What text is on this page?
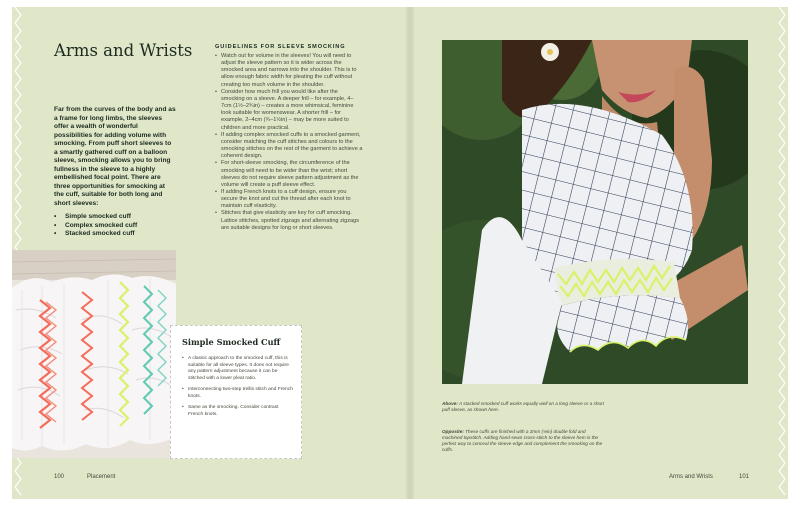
Arms and Wrists

Far from the curves of the body and as a frame for long limbs, the sleeves offer a wealth of wonderful possibilities for adding volume with smocking. From puff short sleeves to a smartly gathered cuff on a balloon sleeve, smocking allows you to bring fullness in the sleeve to a highly embellished focal point. There are three opportunities for smocking at the cuff, suitable for both long and short sleeves:

• Simple smocked cuff
• Complex smocked cuff
• Stacked smocked cuff
GUIDELINES FOR SLEEVE SMOCKING
• Watch out for volume in the sleeves! You will need to adjust the sleeve pattern so it is wider across the smocked area and narrows into the shoulder. This is to allow enough fabric width for pleating the cuff without creating too much volume in the shoulder.
• Consider how much frill you would like after the smocking on a sleeve. A deeper frill – for example, 4–7cm (1½–2¾in) – creates a more whimsical, feminine look suitable for womenswear. A shorter frill – for example, 2–4cm (¾–1½in) – may be more suited to children and more practical.
• If adding complex smocked cuffs to a smocked garment, consider matching the cuff stitches and colours to the smocking stitches on the rest of the garment to achieve a coherent design.
• For short-sleeve smocking, the circumference of the smocking will need to be wider than the wrist; short sleeves do not require sleeve pattern adjustment as the volume will create a puff sleeve effect.
• If adding French knots to a cuff design, ensure you secure the knot and cut the thread after each knot to maintain cuff elasticity.
• Stitches that give elasticity are key for cuff smocking. Lattice stitches, spotted zigzags and alternating zigzags are suitable designs for long or short sleeves.
Simple Smocked Cuff
• A classic approach to the smocked cuff, this is suitable for all sleeve types. It does not require any pattern adjustment because it can be stitched with a lower pleat ratio.
• Interconnecting two-step trellis stitch and French knots.
• Same as the smocking. Consider contrast French knots.
100	Placement

Above: A stacked smocked cuff works equally well on a long sleeve or a short puff sleeve, as shown here.

Opposite: These cuffs are finished with a 3mm (⅛in) double fold and machined topstitch. Adding hand-sewn cross-stitch to the sleeve hem is the perfect way to conceal the sleeve edge and complement the smocking on the cuffs.

Arms and Wrists	101
